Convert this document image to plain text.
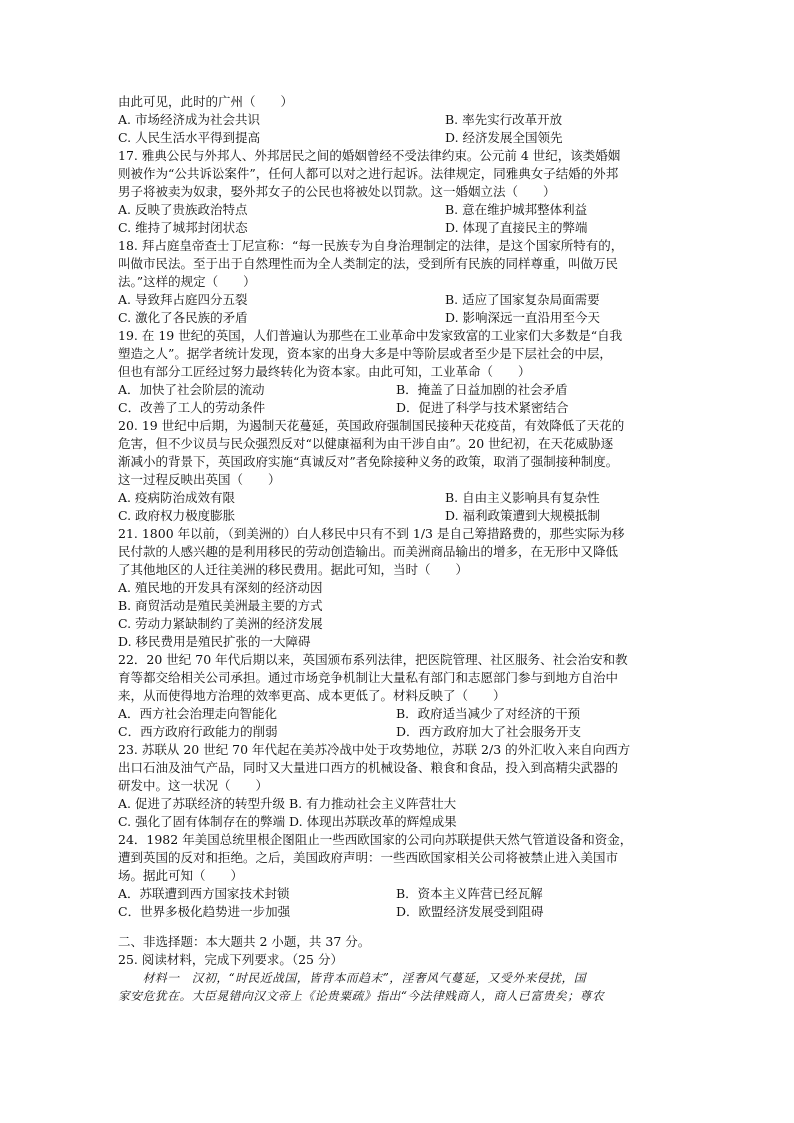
由此可见，此时的广州（　　）
A. 市场经济成为社会共识	B. 率先实行改革开放
C. 人民生活水平得到提高	D. 经济发展全国领先
17. 雅典公民与外邦人、外邦居民之间的婚姻曾经不受法律约束。公元前 4 世纪，该类婚姻
则被作为“公共诉讼案件”，任何人都可以对之进行起诉。法律规定，同雅典女子结婚的外邦
男子将被卖为奴隶，娶外邦女子的公民也将被处以罚款。这一婚姻立法（　　）
A. 反映了贵族政治特点	B. 意在维护城邦整体利益
C. 维持了城邦封闭状态	D. 体现了直接民主的弊端
18. 拜占庭皇帝查士丁尼宣称：“每一民族专为自身治理制定的法律，是这个国家所特有的，
叫做市民法。至于出于自然理性而为全人类制定的法，受到所有民族的同样尊重，叫做万民
法。”这样的规定（　　）
A. 导致拜占庭四分五裂	B. 适应了国家复杂局面需要
C. 激化了各民族的矛盾	D. 影响深远一直沿用至今天
19. 在 19 世纪的英国，人们普遍认为那些在工业革命中发家致富的工业家们大多数是“自我
塑造之人”。据学者统计发现，资本家的出身大多是中等阶层或者至少是下层社会的中层，
但也有部分工匠经过努力最终转化为资本家。由此可知，工业革命（　　）
A．加快了社会阶层的流动	B．掩盖了日益加剧的社会矛盾
C．改善了工人的劳动条件	D．促进了科学与技术紧密结合
20. 19 世纪中后期，为遏制天花蔓延，英国政府强制国民接种天花疫苗，有效降低了天花的
危害，但不少议员与民众强烈反对“以健康福利为由干涉自由”。20 世纪初，在天花威胁逐
渐减小的背景下，英国政府实施“真诚反对”者免除接种义务的政策，取消了强制接种制度。
这一过程反映出英国（　　）
A. 疫病防治成效有限	B. 自由主义影响具有复杂性
C. 政府权力极度膨胀	D. 福利政策遭到大规模抵制
21. 1800 年以前，（到美洲的）白人移民中只有不到 1/3 是自己筹措路费的，那些实际为移
民付款的人感兴趣的是利用移民的劳动创造输出。而美洲商品输出的增多，在无形中又降低
了其他地区的人迁往美洲的移民费用。据此可知，当时（　　）
A. 殖民地的开发具有深刻的经济动因
B. 商贸活动是殖民美洲最主要的方式
C. 劳动力紧缺制约了美洲的经济发展
D. 移民费用是殖民扩张的一大障碍
22．20 世纪 70 年代后期以来，英国颁布系列法律，把医院管理、社区服务、社会治安和教
育等都交给相关公司承担。通过市场竞争机制让大量私有部门和志愿部门参与到地方自治中
来，从而使得地方治理的效率更高、成本更低了。材料反映了（　　）
A．西方社会治理走向智能化	B．政府适当减少了对经济的干预
C．西方政府行政能力的削弱	D．西方政府加大了社会服务开支
23. 苏联从 20 世纪 70 年代起在美苏冷战中处于攻势地位，苏联 2/3 的外汇收入来自向西方
出口石油及油气产品，同时又大量进口西方的机械设备、粮食和食品，投入到高精尖武器的
研发中。这一状况（　　）
A. 促进了苏联经济的转型升级 B. 有力推动社会主义阵营壮大
C. 强化了固有体制存在的弊端 D. 体现出苏联改革的辉煌成果
24．1982 年美国总统里根企图阻止一些西欧国家的公司向苏联提供天然气管道设备和资金，
遭到英国的反对和拒绝。之后，美国政府声明：一些西欧国家相关公司将被禁止进入美国市
场。据此可知（　　）
A．苏联遭到西方国家技术封锁	B．资本主义阵营已经瓦解
C．世界多极化趋势进一步加强	D．欧盟经济发展受到阻碍
二、非选择题：本大题共 2 小题，共 37 分。
25. 阅读材料，完成下列要求。（25 分）
　　材料一　汉初，“时民近战国，皆背本而趋末”，淫奢风气蔓延，又受外来侵扰，国
家安危犹在。大臣晁错向汉文帝上《论贵粟疏》指出“今法律贱商人，商人已富贵矣；尊农
